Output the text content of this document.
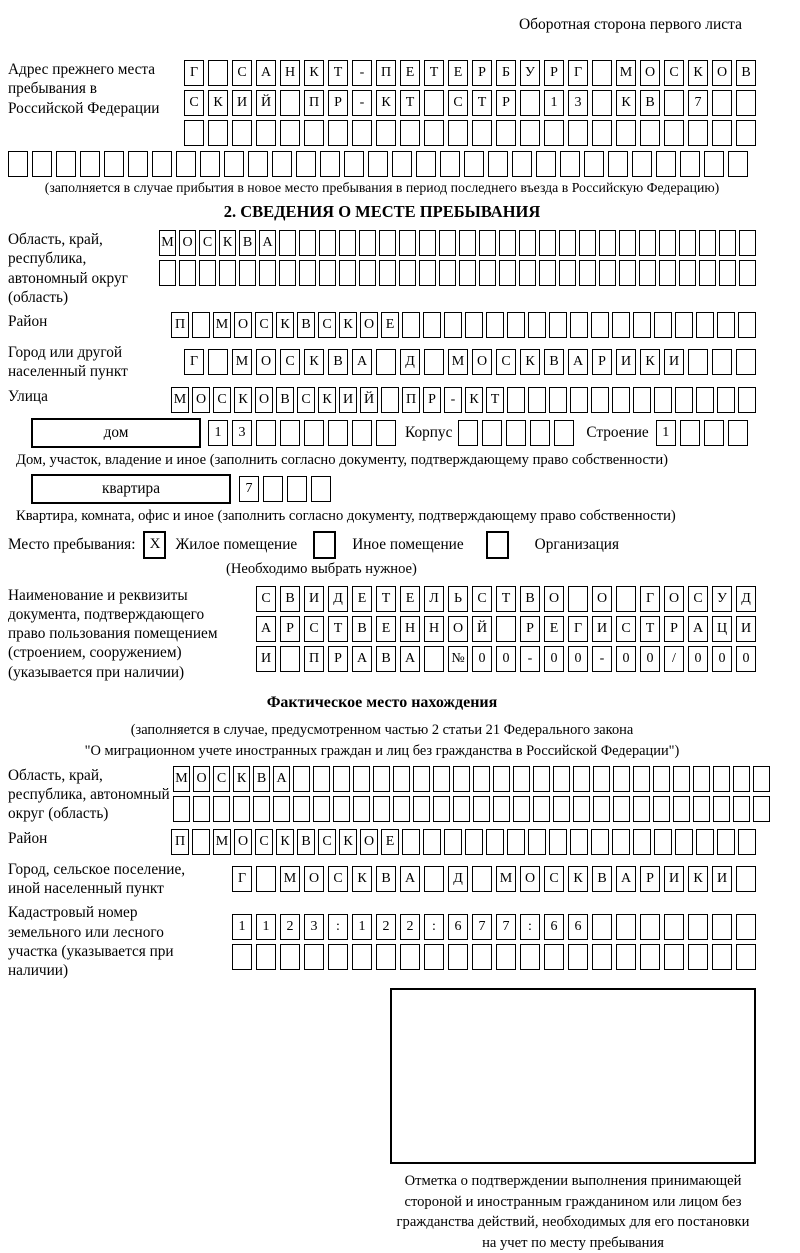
Оборотная сторона первого листа
Адрес прежнего места пребывания в Российской Федерации
Г	С	А Н	К	Т	-	П	Е	Т	Е	Р	Б	У	Р	Г	М О	С	К	О	В
С	К	И Й	П	Р	-	К	Т	С	Т	Р	1	3	К	В	7
(заполняется в случае прибытия в новое место пребывания в период последнего въезда в Российскую Федерацию)
2. СВЕДЕНИЯ О МЕСТЕ ПРЕБЫВАНИЯ
Область, край, республика, автономный округ (область)
М О С К В А
Район	П М О С К В С К О Е
Город или другой населенный пункт
Г	М О	С	К	В	А	Д	М О	С	К	В	А	Р	И	К	И
Улица	М О С К О В С К И Й П Р	-	К Т
дом	1	3	Корпус	Строение 1
Дом, участок, владение и иное (заполнить согласно документу, подтверждающему право собственности)
квартира	7
Квартира, комната, офис и иное (заполнить согласно документу, подтверждающему право собственности)
Место пребывания: X Жилое помещение	Иное помещение	Организация
(Необходимо выбрать нужное)
Наименование и реквизиты документа, подтверждающего право пользования помещением (строением, сооружением) (указывается при наличии)
С	В	И	Д	Е	Т	Е	Л	Ь	С	Т	В	О	О	Г	О	С	У	Д
А	Р	С	Т	В	Е	Н Н О Й	Р	Е	Г	И	С	Т	Р	А Ц И
И	П	Р	А	В	А	№ 0	0	-	0	0	-	0	0	/	0	0	0
Фактическое место нахождения
(заполняется в случае, предусмотренном частью 2 статьи 21 Федерального закона
"О миграционном учете иностранных граждан и лиц без гражданства в Российской Федерации")
Область, край, республика, автономный округ (область)
М О С К В А
Район	П М О С К В С К О Е
Город, сельское поселение, иной населенный пункт
Г	М О	С	К	В	А	Д	М О	С	К	В	А	Р	И	К	И
Кадастровый номер земельного или лесного участка (указывается при наличии)
1	1	2	3	:	1	2	2	:	6	7	7	:	6	6
Отметка о подтверждении выполнения принимающей стороной и иностранным гражданином или лицом без гражданства действий, необходимых для его постановки на учет по месту пребывания
